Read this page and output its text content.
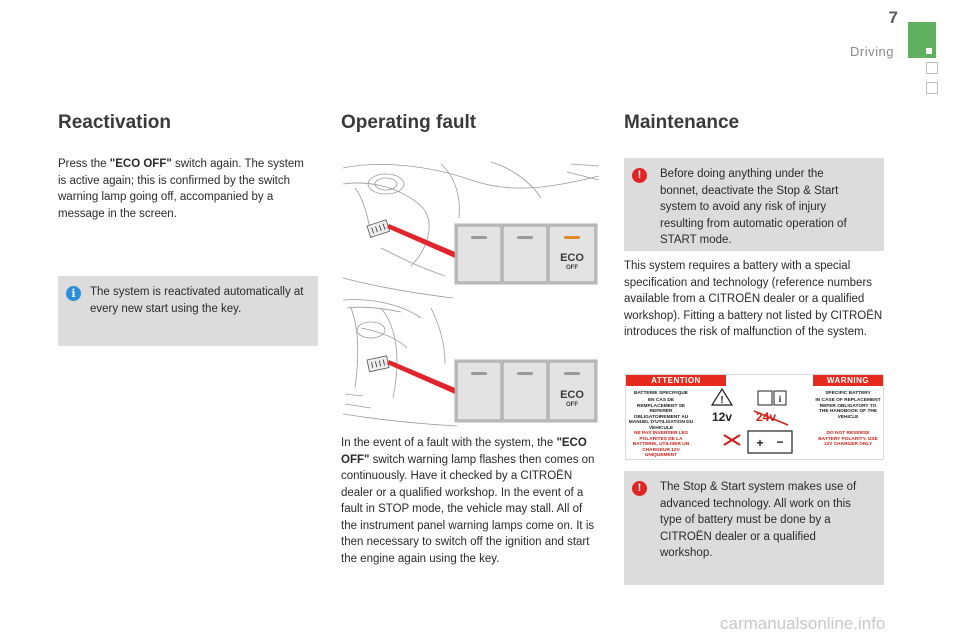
7
Driving
Reactivation
Press the "ECO OFF" switch again. The system is active again; this is confirmed by the switch warning lamp going off, accompanied by a message in the screen.
i	The system is reactivated automatically at every new start using the key.
Operating fault
ECO
OFF
ECO
OFF
In the event of a fault with the system, the "ECO OFF" switch warning lamp flashes then comes on continuously. Have it checked by a CITROËN dealer or a qualified workshop. In the event of a fault in STOP mode, the vehicle may stall. All of the instrument panel warning lamps come on. It is then necessary to switch off the ignition and start the engine again using the key.
Maintenance
!	Before doing anything under the bonnet, deactivate the Stop & Start system to avoid any risk of injury resulting from automatic operation of START mode.
This system requires a battery with a special specification and technology (reference numbers available from a CITROËN dealer or a qualified workshop). Fitting a battery not listed by CITROËN introduces the risk of malfunction of the system.
ATTENTION	WARNING
BATTERIE SPECIFIQUE
EN CAS DE REMPLACEMENT SE REFERER OBLIGATOIREMENT AU MANUEL D'UTILISATION DU VEHICULE
NE PAS INVERSER LES POLARITES DE LA BATTERIE, UTILISER UN CHARGEUR 12V UNIQUEMENT
SPECIFIC BATTERY
IN CASE OF REPLACEMENT REFER OBLIGATORY TO THE HANDBOOK OF THE VEHICLE
DO NOT REVERSE BATTERY POLARITY, USE 12V CHARGER ONLY
!	i
12v 24v
+ −
!	The Stop & Start system makes use of advanced technology. All work on this type of battery must be done by a CITROËN dealer or a qualified workshop.
carmanualsonline.info
